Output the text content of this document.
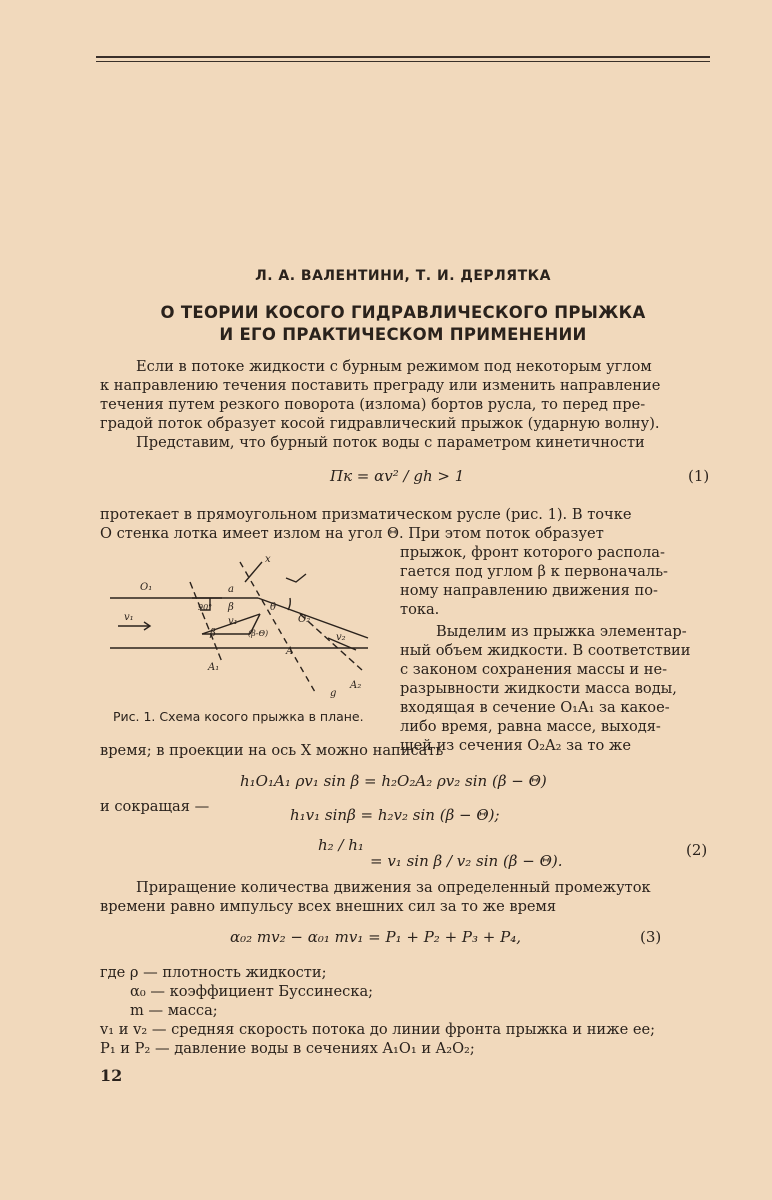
Л. А. ВАЛЕНТИНИ, Т. И. ДЕРЛЯТКА
О ТЕОРИИ КОСОГО ГИДРАВЛИЧЕСКОГО ПРЫЖКА
И ЕГО ПРАКТИЧЕСКОМ ПРИМЕНЕНИИ
Если в потоке жидкости с бурным режимом под некоторым углом
к направлению течения поставить преграду или изменить направление
течения путем резкого поворота (излома) бортов русла, то перед пре-
градой поток образует косой гидравлический прыжок (ударную волну).
Представим, что бурный поток воды с параметром кинетичности
Пк = αv² / gh > 1	(1)
протекает в прямоугольном призматическом русле (рис. 1). В точке
O стенка лотка имеет излом на угол Θ. При этом поток образует
прыжок, фронт которого распола-
гается под углом β к первоначаль-
ному направлению движения по-
тока.
Выделим из прыжка элементар-
ный объем жидкости. В соответствии
с законом сохранения массы и не-
разрывности жидкости масса воды,
входящая в сечение O₁A₁ за какое-
либо время, равна массе, выходя-
щей из сечения O₂A₂ за то же
O₁	a
90° β	θ
O₂
x
v₁	v₁
β	(β-Θ)	v₂
A₁
A
A₂
g
Рис. 1. Схема косого прыжка в плане.
время; в проекции на ось X можно написать
h₁O₁A₁ ρv₁ sin β = h₂O₂A₂ ρv₂ sin (β − Θ)
и сокращая —	h₁v₁ sinβ = h₂v₂ sin (β − Θ);
h₂ / h₁
= v₁ sin β / v₂ sin (β − Θ).
(2)
Приращение количества движения за определенный промежуток
времени равно импульсу всех внешних сил за то же время
α₀₂ mv₂ − α₀₁ mv₁ = P₁ + P₂ + P₃ + P₄,	(3)
где ρ — плотность жидкости;
α₀ — коэффициент Буссинеска;
m — масса;
v₁ и v₂ — средняя скорость потока до линии фронта прыжка и ниже ее;
P₁ и P₂ — давление воды в сечениях A₁O₁ и A₂O₂;
12
